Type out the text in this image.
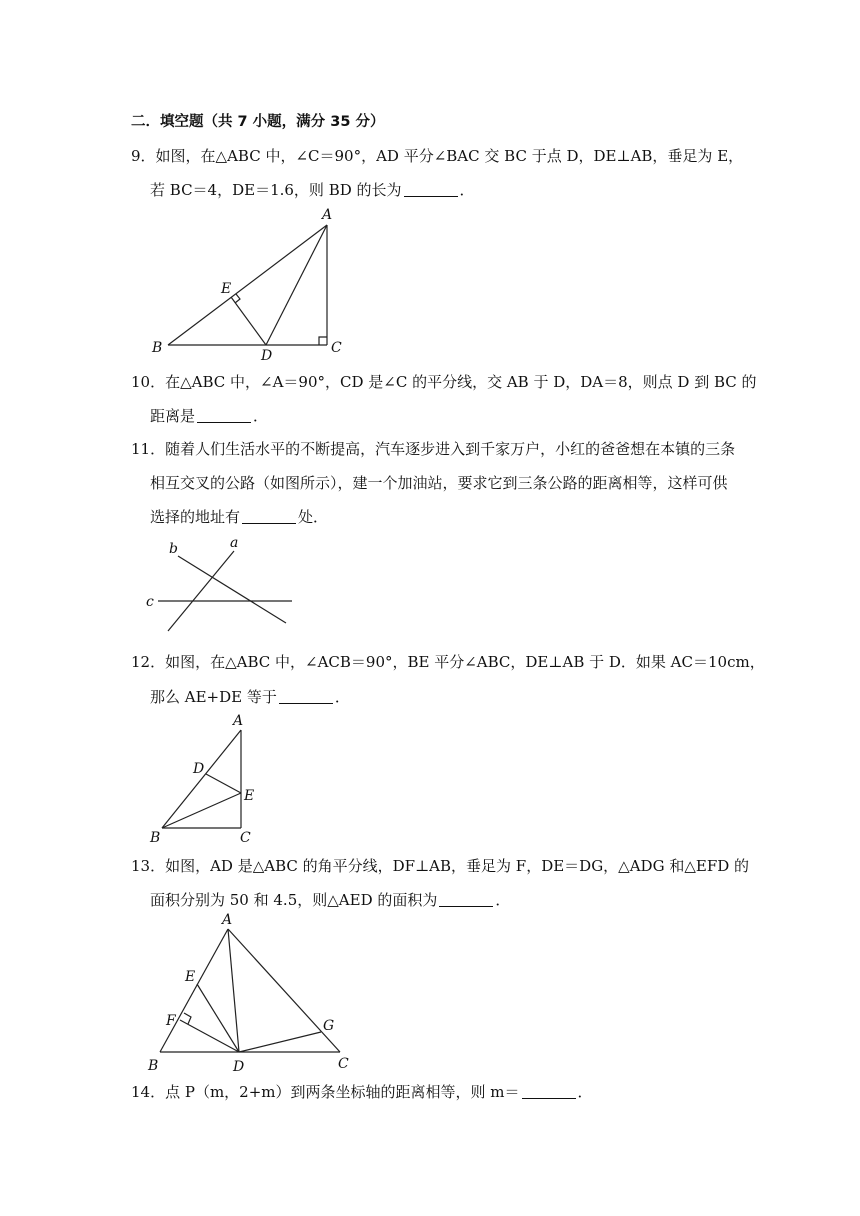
二．填空题（共 7 小题，满分 35 分）
9．如图，在△ABC 中，∠C＝90°，AD 平分∠BAC 交 BC 于点 D，DE⊥AB，垂足为 E，
若 BC＝4，DE＝1.6，则 BD 的长为	．
A
B	C
D
E
10．在△ABC 中，∠A＝90°，CD 是∠C 的平分线，交 AB 于 D，DA＝8，则点 D 到 BC 的
距离是	．
11．随着人们生活水平的不断提高，汽车逐步进入到千家万户，小红的爸爸想在本镇的三条
相互交叉的公路（如图所示），建一个加油站，要求它到三条公路的距离相等，这样可供
选择的地址有	处．
a
b
c
12．如图，在△ABC 中，∠ACB＝90°，BE 平分∠ABC，DE⊥AB 于 D．如果 AC＝10cm，
那么 AE+DE 等于	．
A
B	C
D
E
13．如图，AD 是△ABC 的角平分线，DF⊥AB，垂足为 F，DE＝DG，△ADG 和△EFD 的
面积分别为 50 和 4.5，则△AED 的面积为	．
A
B	C
D
E
F	G
14．点 P（m，2+m）到两条坐标轴的距离相等，则 m＝	．
